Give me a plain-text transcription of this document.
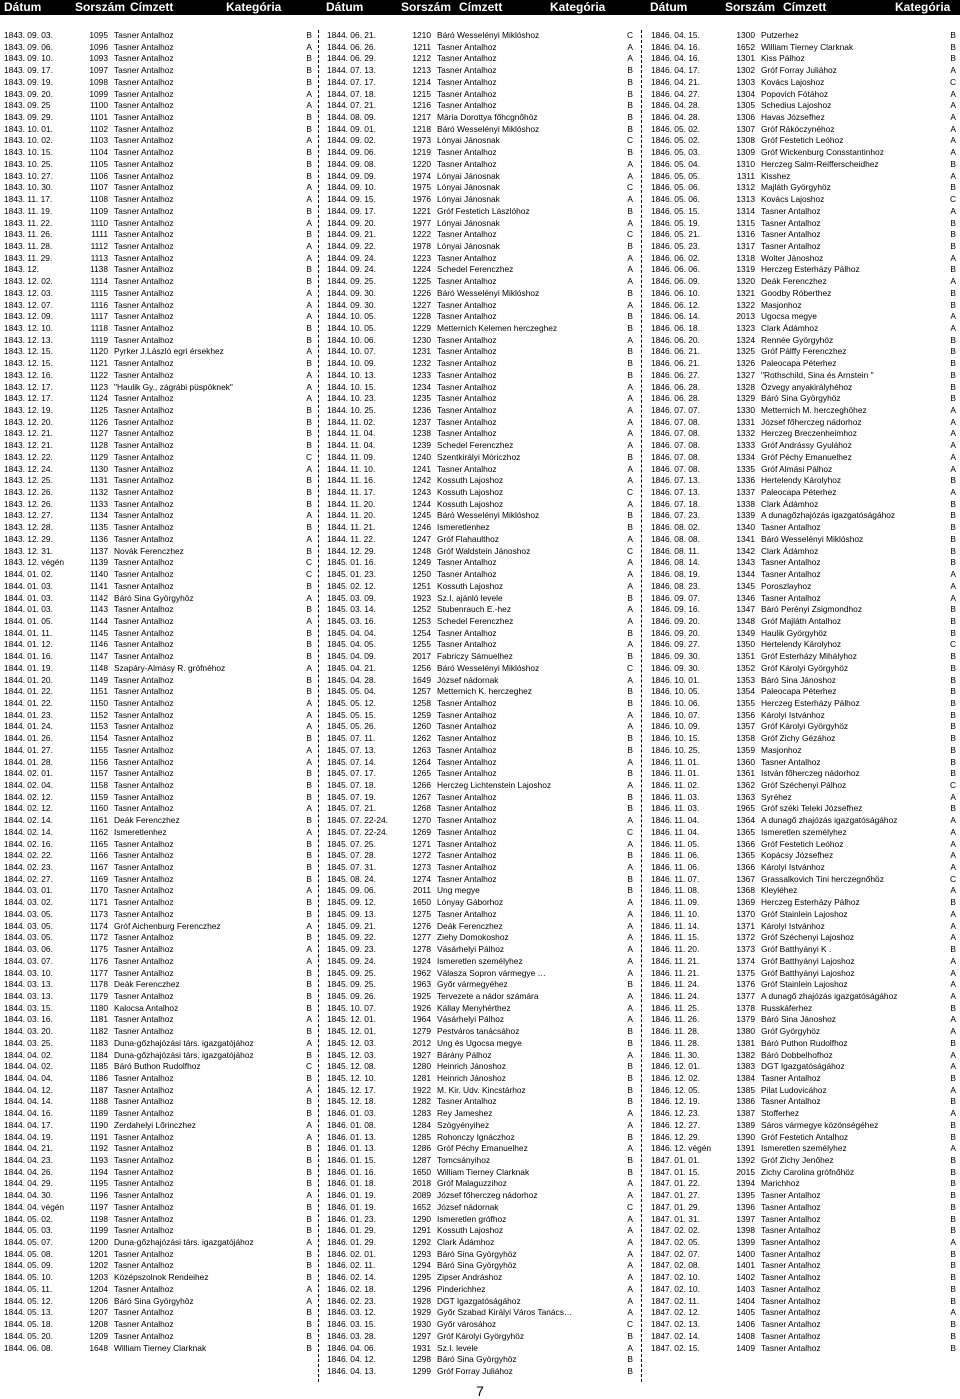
Dátum	Sorszám Címzett	Kategória	Dátum	Sorszám Címzett	Kategória	Dátum	Sorszám Címzett	Kategória
1843. 09. 03.	1095 Tasner Antalhoz	B
1843. 09. 06.	1096 Tasner Antalhoz	A
1843. 09. 10.	1093 Tasner Antalhoz	B
1843. 09. 17.	1097 Tasner Antalhoz	B
1843. 09. 19.	1098 Tasner Antalhoz	B
1843. 09. 20.	1099 Tasner Antalhoz	A
1843. 09. 25	1100 Tasner Antalhoz	A
1843. 09. 29.	1101 Tasner Antalhoz	B
1843. 10. 01.	1102 Tasner Antalhoz	B
1843. 10. 02.	1103 Tasner Antalhoz	A
1843. 10. 15.	1104 Tasner Antalhoz	B
1843. 10. 25.	1105 Tasner Antalhoz	B
1843. 10. 27.	1106 Tasner Antalhoz	B
1843. 10. 30.	1107 Tasner Antalhoz	A
1843. 11. 17.	1108 Tasner Antalhoz	A
1843. 11. 19.	1109 Tasner Antalhoz	B
1843. 11. 22.	1110 Tasner Antalhoz	A
1843. 11. 26.	1111 Tasner Antalhoz	B
1843. 11. 28.	1112 Tasner Antalhoz	A
1843. 11. 29.	1113 Tasner Antalhoz	A
1843. 12.	1138 Tasner Antalhoz	B
1843. 12. 02.	1114 Tasner Antalhoz	B
1843. 12. 03.	1115 Tasner Antalhoz	A
1843. 12. 07.	1116 Tasner Antalhoz	A
1843. 12. 09.	1117 Tasner Antalhoz	A
1843. 12. 10.	1118 Tasner Antalhoz	B
1843. 12. 13.	1119 Tasner Antalhoz	B
1843. 12. 15.	1120 Pyrker J.László egri érsekhez	A
1843. 12. 15.	1121 Tasner Antalhoz	B
1843. 12. 16.	1122 Tasner Antalhoz	A
1843. 12. 17.	1123 "Haulik Gy., zágrábi püspöknek"	A
1843. 12. 17.	1124 Tasner Antalhoz	A
1843. 12. 19.	1125 Tasner Antalhoz	B
1843. 12. 20.	1126 Tasner Antalhoz	B
1843. 12. 21.	1127 Tasner Antalhoz	B
1843. 12. 21.	1128 Tasner Antalhoz	B
1843. 12. 22.	1129 Tasner Antalhoz	C
1843. 12. 24.	1130 Tasner Antalhoz	A
1843. 12. 25.	1131 Tasner Antalhoz	B
1843. 12. 26.	1132 Tasner Antalhoz	B
1843. 12. 26.	1133 Tasner Antalhoz	B
1843. 12. 27.	1134 Tasner Antalhoz	A
1843. 12. 28.	1135 Tasner Antalhoz	B
1843. 12. 29.	1136 Tasner Antalhoz	A
1843. 12. 31.	1137 Novák Ferenczhez	B
1843. 12. végén	1139 Tasner Antalhoz	C
1844. 01. 02.	1140 Tasner Antalhoz	C
1844. 01. 03.	1141 Tasner Antalhoz	B
1844. 01. 03.	1142 Báró Sina Györgyhöz	A
1844. 01. 03.	1143 Tasner Antalhoz	B
1844. 01. 05.	1144 Tasner Antalhoz	A
1844. 01. 11.	1145 Tasner Antalhoz	B
1844. 01. 12.	1146 Tasner Antalhoz	B
1844. 01. 16.	1147 Tasner Antalhoz	B
1844. 01. 19.	1148 Szapáry-Almásy R. grófnéhoz	A
1844. 01. 20.	1149 Tasner Antalhoz	B
1844. 01. 22.	1151 Tasner Antalhoz	B
1844. 01. 22.	1150 Tasner Antalhoz	A
1844. 01. 23.	1152 Tasner Antalhoz	A
1844. 01. 24.	1153 Tasner Antalhoz	A
1844. 01. 26.	1154 Tasner Antalhoz	B
1844. 01. 27.	1155 Tasner Antalhoz	A
1844. 01. 28.	1156 Tasner Antalhoz	A
1844. 02. 01.	1157 Tasner Antalhoz	B
1844. 02. 04.	1158 Tasner Antalhoz	B
1844. 02. 12.	1159 Tasner Antalhoz	B
1844. 02. 12.	1160 Tasner Antalhoz	A
1844. 02. 14.	1161 Deák Ferenczhez	B
1844. 02. 14.	1162 Ismeretlenhez	A
1844. 02. 16.	1165 Tasner Antalhoz	B
1844. 02. 22.	1166 Tasner Antalhoz	B
1844. 02. 23.	1167 Tasner Antalhoz	B
1844. 02. 27.	1169 Tasner Antalhoz	B
1844. 03. 01.	1170 Tasner Antalhoz	A
1844. 03. 02.	1171 Tasner Antalhoz	B
1844. 03. 05.	1173 Tasner Antalhoz	B
1844. 03. 05.	1174 Gróf Aichenburg Ferenczhez	A
1844. 03. 05.	1172 Tasner Antalhoz	B
1844. 03. 06.	1175 Tasner Antalhoz	A
1844. 03. 07.	1176 Tasner Antalhoz	A
1844. 03. 10.	1177 Tasner Antalhoz	B
1844. 03. 13.	1178 Deák Ferenczhez	B
1844. 03. 13.	1179 Tasner Antalhoz	B
1844. 03. 15.	1180 Kalocsa Antalhoz	B
1844. 03. 16.	1181 Tasner Antalhoz	A
1844. 03. 20.	1182 Tasner Antalhoz	B
1844. 03. 25.	1183 Duna-gőzhajózási társ. igazgatójához	A
1844. 04. 02.	1184 Duna-gőzhajózási társ. igazgatójához	B
1844. 04. 02.	1185 Báró Buthon Rudolfhoz	C
1844. 04. 04.	1186 Tasner Antalhoz	B
1844. 04. 12.	1187 Tasner Antalhoz	A
1844. 04. 14.	1188 Tasner Antalhoz	B
1844. 04. 16.	1189 Tasner Antalhoz	B
1844. 04. 17.	1190 Zerdahelyi Lőrinczhez	A
1844. 04. 19.	1191 Tasner Antalhoz	A
1844. 04. 21.	1192 Tasner Antalhoz	B
1844. 04. 23.	1193 Tasner Antalhoz	B
1844. 04. 26.	1194 Tasner Antalhoz	B
1844. 04. 29.	1195 Tasner Antalhoz	B
1844. 04. 30.	1196 Tasner Antalhoz	A
1844. 04. végén	1197 Tasner Antalhoz	B
1844. 05. 02.	1198 Tasner Antalhoz	B
1844. 05. 03.	1199 Tasner Antalhoz	B
1844. 05. 07.	1200 Duna-gőzhajózási társ. igazgatójához	A
1844. 05. 08.	1201 Tasner Antalhoz	B
1844. 05. 09.	1202 Tasner Antalhoz	B
1844. 05. 10.	1203 Középszolnok Rendeihez	B
1844. 05. 11.	1204 Tasner Antalhoz	A
1844. 05. 12.	1206 Báró Sina Györgyhöz	A
1844. 05. 13.	1207 Tasner Antalhoz	B
1844. 05. 18.	1208 Tasner Antalhoz	B
1844. 05. 20.	1209 Tasner Antalhoz	B
1844. 06. 08.	1648 William Tierney Clarknak	B
1844. 06. 21.	1210 Báró Wesselényi Miklóshoz	C
1844. 06. 26.	1211 Tasner Antalhoz	A
1844. 06. 29.	1212 Tasner Antalhoz	A
1844. 07. 13.	1213 Tasner Antalhoz	B
1844. 07. 17.	1214 Tasner Antalhoz	B
1844. 07. 18.	1215 Tasner Antalhoz	B
1844. 07. 21.	1216 Tasner Antalhoz	B
1844. 08. 09.	1217 Mária Dorottya főhcgnőhöz	B
1844. 09. 01.	1218 Báró Wesselényi Miklóshoz	B
1844. 09. 02.	1973 Lónyai Jánosnak	C
1844. 09. 06.	1219 Tasner Antalhoz	B
1844. 09. 08.	1220 Tasner Antalhoz	A
1844. 09. 09.	1974 Lónyai Jánosnak	A
1844. 09. 10.	1975 Lónyai Jánosnak	C
1844. 09. 15.	1976 Lónyai Jánosnak	A
1844. 09. 17.	1221 Gróf Festetich Lászlóhoz	B
1844. 09. 20.	1977 Lónyai Jánosnak	A
1844. 09. 21.	1222 Tasner Antalhoz	C
1844. 09. 22.	1978 Lónyai Jánosnak	B
1844. 09. 24.	1223 Tasner Antalhoz	A
1844. 09. 24.	1224 Schedel Ferenczhez	A
1844. 09. 25.	1225 Tasner Antalhoz	A
1844. 09. 30.	1226 Báró Wesselényi Miklóshoz	B
1844. 09. 30.	1227 Tasner Antalhoz	A
1844. 10. 05.	1228 Tasner Antalhoz	B
1844. 10. 05.	1229 Metternich Kelemen herczeghez	B
1844. 10. 06.	1230 Tasner Antalhoz	A
1844. 10. 07.	1231 Tasner Antalhoz	B
1844. 10. 09.	1232 Tasner Antalhoz	B
1844. 10. 13.	1233 Tasner Antalhoz	B
1844. 10. 15.	1234 Tasner Antalhoz	A
1844. 10. 23.	1235 Tasner Antalhoz	A
1844. 10. 25.	1236 Tasner Antalhoz	A
1844. 11. 02.	1237 Tasner Antalhoz	A
1844. 11. 04.	1238 Tasner Antalhoz	A
1844. 11. 04.	1239 Schedel Ferenczhez	A
1844. 11. 09.	1240 Szentkirályi Móriczhoz	B
1844. 11. 10.	1241 Tasner Antalhoz	A
1844. 11. 16.	1242 Kossuth Lajoshoz	A
1844. 11. 17.	1243 Kossuth Lajoshoz	C
1844. 11. 20.	1244 Kossuth Lajoshoz	A
1844. 11. 20.	1245 Báró Wesselényi Miklóshoz	B
1844. 11. 21.	1246 Ismeretlenhez	B
1844. 11. 22.	1247 Gróf Flahaulthoz	A
1844. 12. 29.	1248 Gróf Waldstein Jánoshoz	C
1845. 01. 16.	1249 Tasner Antalhoz	A
1845. 01. 23.	1250 Tasner Antalhoz	A
1845. 02. 12.	1251 Kossuth Lajoshoz	A
1845. 03. 09.	1923 Sz.I. ajánló levele	B
1845. 03. 14.	1252 Stubenrauch E.-hez	A
1845. 03. 16.	1253 Schedel Ferenczhez	A
1845. 04. 04.	1254 Tasner Antalhoz	B
1845. 04. 05.	1255 Tasner Antalhoz	A
1845. 04. 09.	2017 Fabriczy Sámuelhez	B
1845. 04. 21.	1256 Báró Wesselényi Miklóshoz	C
1845. 04. 28.	1649 József nádornak	A
1845. 05. 04.	1257 Metternich K. herczeghez	B
1845. 05. 12.	1258 Tasner Antalhoz	B
1845. 05. 15.	1259 Tasner Antalhoz	A
1845. 05. 26.	1260 Tasner Antalhoz	A
1845. 07. 11.	1262 Tasner Antalhoz	B
1845. 07. 13.	1263 Tasner Antalhoz	B
1845. 07. 14.	1264 Tasner Antalhoz	A
1845. 07. 17.	1265 Tasner Antalhoz	B
1845. 07. 18.	1266 Herczeg Lichtenstein Lajoshoz	A
1845. 07. 19.	1267 Tasner Antalhoz	B
1845. 07. 21.	1268 Tasner Antalhoz	B
1845. 07. 22-24.	1270 Tasner Antalhoz	A
1845. 07. 22-24.	1269 Tasner Antalhoz	C
1845. 07. 25.	1271 Tasner Antalhoz	A
1845. 07. 28.	1272 Tasner Antalhoz	B
1845. 07. 31.	1273 Tasner Antalhoz	A
1845. 08. 24.	1274 Tasner Antalhoz	B
1845. 09. 06.	2011 Ung megye	B
1845. 09. 12.	1650 Lónyay Gáborhoz	A
1845. 09. 13.	1275 Tasner Antalhoz	A
1845. 09. 21.	1276 Deák Ferenczhez	A
1845. 09. 22.	1277 Ziehy Domokoshoz	A
1845. 09. 23.	1278 Vásárhelyi Pálhoz	A
1845. 09. 24.	1924 Ismeretlen személyhez	A
1845. 09. 25.	1962 Válasza Sopron vármegye …	A
1845. 09. 25.	1963 Győr vármegyéhez	B
1845. 09. 26.	1925 Tervezete a nádor számára	A
1845. 10. 07.	1926 Kállay Menyhérthez	A
1845. 12. 01.	1964 Vásárhelyi Pálhoz	A
1845. 12. 01.	1279 Pestváros tanácsához	B
1845. 12. 03.	2012 Ung és Ugocsa megye	B
1845. 12. 03.	1927 Bárány Pálhoz	A
1845. 12. 08.	1280 Heinrich Jánoshoz	B
1845. 12. 10.	1281 Heinrich Jánoshoz	B
1845. 12. 17.	1922 M. Kir. Udv. Kincstárhoz	B
1845. 12. 18.	1282 Tasner Antalhoz	B
1846. 01. 03.	1283 Rey Jameshez	A
1846. 01. 08.	1284 Szögyényihez	A
1846. 01. 13.	1285 Rohonczy Ignáczhoz	B
1846. 01. 13.	1286 Gróf Péchy Emanuelhez	A
1846. 01. 15.	1287 Tomcsányihoz	B
1846. 01. 16.	1650 William Tierney Clarknak	B
1846. 01. 18.	2018 Gróf Malaguzzihoz	A
1846. 01. 19.	2089 József főherczeg nádorhoz	A
1846. 01. 19.	1652 József nádornak	C
1846. 01. 23.	1290 Ismeretlen grófhoz	A
1846. 01. 29.	1291 Kossuth Lajoshoz	A
1846. 01. 29.	1292 Clark Ádámhoz	A
1846. 02. 01.	1293 Báró Sina Györgyhöz	A
1846. 02. 11.	1294 Báró Sina Györgyhöz	A
1846. 02. 14.	1295 Zipser Andráshoz	A
1846. 02. 18.	1296 Pinderichhez	A
1846. 02. 23.	1928 DGT Igazgatóságához	A
1846. 03. 12.	1929 Győr Szabad Királyi Város Tanács…	A
1846. 03. 15.	1930 Győr városához	C
1846. 03. 28.	1297 Gróf Károlyi Györgyhöz	B
1846. 04. 06.	1931 Sz.I. levele	A
1846. 04. 12.	1298 Báró Sina Györgyhöz	B
1846. 04. 13.	1299 Gróf Forray Juliához	B
1846. 04. 15.	1300 Putzerhez	B
1846. 04. 16.	1652 William Tierney Clarknak	B
1846. 04. 16.	1301 Kiss Pálhoz	B
1846. 04. 17.	1302 Gróf Forray Juliához	A
1846. 04. 21.	1303 Kovács Lajoshoz	C
1846. 04. 27.	1304 Popovich Fótához	A
1846. 04. 28.	1305 Schedius Lajoshoz	A
1846. 04. 28.	1306 Havas Józsefhez	A
1846. 05. 02.	1307 Gróf Rákóczynéhoz	A
1846. 05. 02.	1308 Gróf Festetich Leóhoz	A
1846. 05. 03.	1309 Gróf Wickenburg Consstantinhoz	A
1846. 05. 04.	1310 Herczeg Salm-Reifferscheidhez	B
1846. 05. 05.	1311 Kisshez	A
1846. 05. 06.	1312 Majláth Györgyhöz	B
1846. 05. 06.	1313 Kovács Lajoshoz	C
1846. 05. 15.	1314 Tasner Antalhoz	A
1846. 05. 19.	1315 Tasner Antalhoz	B
1846. 05. 21.	1316 Tasner Antalhoz	B
1846. 05. 23.	1317 Tasner Antalhoz	B
1846. 06. 02.	1318 Wolter Jánoshoz	A
1846. 06. 06.	1319 Herczeg Esterházy Pálhoz	B
1846. 06. 09.	1320 Deák Ferenczhez	A
1846. 06. 10.	1321 Goodby Róberthez	B
1846. 06. 12.	1322 Masjonhoz	B
1846. 06. 14.	2013 Ugocsa megye	A
1846. 06. 18.	1323 Clark Ádámhoz	A
1846. 06. 20.	1324 Rennée Györgyhöz	B
1846. 06. 21.	1325 Gróf Pálffy Ferenczhez	B
1846. 06. 21.	1326 Paleocapa Péterhez	B
1846. 06. 27.	1327 "Rothschild, Sina és Arnstein "	B
1846. 06. 28.	1328 Özvegy anyakirályhéhoz	B
1846. 06. 28.	1329 Báró Sina Györgyhöz	B
1846. 07. 07.	1330 Metternich M. herczeghöhez	A
1846. 07. 08.	1331 József főherczeg nádorhoz	A
1846. 07. 08.	1332 Herczeg Breczenheimhoz	A
1846. 07. 08.	1333 Gróf Andrássy Gyulához	A
1846. 07. 08.	1334 Gróf Péchy Emanuelhez	A
1846. 07. 08.	1335 Gróf Almási Pálhoz	A
1846. 07. 13.	1336 Hertelendy Károlyhoz	B
1846. 07. 13.	1337 Paleocapa Péterhez	A
1846. 07. 18.	1338 Clark Ádámhoz	B
1846. 07. 23.	1339 A dunagőzhajózás igazgatóságához	B
1846. 08. 02.	1340 Tasner Antalhoz	B
1846. 08. 08.	1341 Báró Wesselényi Miklóshoz	B
1846. 08. 11.	1342 Clark Ádámhoz	B
1846. 08. 14.	1343 Tasner Antalhoz	B
1846. 08. 19.	1344 Tasner Antalhoz	A
1846. 08. 23.	1345 Poroszlayhoz	A
1846. 09. 07.	1346 Tasner Antalhoz	A
1846. 09. 16.	1347 Báró Perényi Zsigmondhoz	B
1846. 09. 20.	1348 Gróf Majláth Antalhoz	B
1846. 09. 20.	1349 Haulik Györgyhöz	B
1846. 09. 27.	1350 Hertelendy Károlyhoz	C
1846. 09. 30.	1351 Gróf Esterházy Mihályhoz	B
1846. 09. 30.	1352 Gróf Károlyi Györgyhöz	B
1846. 10. 01.	1353 Báró Sina Jánoshoz	B
1846. 10. 05.	1354 Paleocapa Péterhez	B
1846. 10. 06.	1355 Herczeg Esterházy Pálhoz	B
1846. 10. 07.	1356 Károlyi Istvánhoz	B
1846. 10. 09.	1357 Gróf Károlyi Györgyhöz	B
1846. 10. 15.	1358 Gróf Zichy Gézához	B
1846. 10. 25.	1359 Masjonhoz	B
1846. 11. 01.	1360 Tasner Antalhoz	B
1846. 11. 01.	1361 István főherczeg nádorhoz	B
1846. 11. 02.	1362 Gróf Széchenyi Pálhoz	C
1846. 11. 03.	1363 Syréhez	A
1846. 11. 03.	1965 Gróf széki Teleki Józsefhez	B
1846. 11. 04.	1364 A dunagő zhajózás igazgatóságához	A
1846. 11. 04.	1365 Ismeretlen személyhez	A
1846. 11. 05.	1366 Gróf Festetich Leóhoz	A
1846. 11. 06.	1365 Kopácsy Józsefhez	A
1846. 11. 06.	1366 Károlyi Istvánhoz	A
1846. 11. 07.	1367 Grassalkovich Tini herczegnőhöz	C
1846. 11. 08.	1368 Kleyléhez	A
1846. 11. 09.	1369 Herczeg Esterházy Pálhoz	B
1846. 11. 10.	1370 Gróf Stainlein Lajoshoz	A
1846. 11. 14.	1371 Károlyi Istvánhoz	A
1846. 11. 15.	1372 Gróf Széchenyi Lajoshoz	A
1846. 11. 20.	1373 Gróf Batthyányi K .	B
1846. 11. 21.	1374 Gróf Batthyányi Lajoshoz	A
1846. 11. 21.	1375 Gróf Batthyányi Lajoshoz	A
1846. 11. 24.	1376 Gróf Stainlein Lajoshoz	A
1846. 11. 24.	1377 A dunagő zhajózás igazgatóságához	A
1846. 11. 25.	1378 Russkáferhez	B
1846. 11. 26.	1379 Báró Sina Jánoshoz	A
1846. 11. 28.	1380 Gróf Györgyhöz	A
1846. 11. 28.	1381 Báró Puthon Rudolfhoz	B
1846. 11. 30.	1382 Báró Dobbelhofhoz	A
1846. 12. 01.	1383 DGT Igazgatóságához	A
1846. 12. 02.	1384 Tasner Antalhoz	B
1846. 12. 05.	1385 Pilat Ludovicához	A
1846. 12. 19.	1386 Tasner Antalhoz	B
1846. 12. 23.	1387 Stofferhez	A
1846. 12. 27.	1389 Sáros vármegye közönségéhez	B
1846. 12. 29.	1390 Gróf Festetich Antalhoz	B
1846. 12. végén	1391 Ismeretlen személyhez	A
1847. 01. 01.	1392 Gróf Zichy Jenőhez	B
1847. 01. 15.	2015 Zichy Carolina grófnőhöz	B
1847. 01. 22.	1394 Marichhoz	B
1847. 01. 27.	1395 Tasner Antalhoz	B
1847. 01. 29.	1396 Tasner Antalhoz	B
1847. 01. 31.	1397 Tasner Antalhoz	B
1847. 02. 02.	1398 Tasner Antalhoz	B
1847. 02. 05.	1399 Tasner Antalhoz	A
1847. 02. 07.	1400 Tasner Antalhoz	B
1847. 02. 08.	1401 Tasner Antalhoz	B
1847. 02. 10.	1402 Tasner Antalhoz	B
1847. 02. 10.	1403 Tasner Antalhoz	B
1847. 02. 11.	1404 Tasner Antalhoz	B
1847. 02. 12.	1405 Tasner Antalhoz	A
1847. 02. 13.	1406 Tasner Antalhoz	B
1847. 02. 14.	1408 Tasner Antalhoz	B
1847. 02. 15.	1409 Tasner Antalhoz	B
7
